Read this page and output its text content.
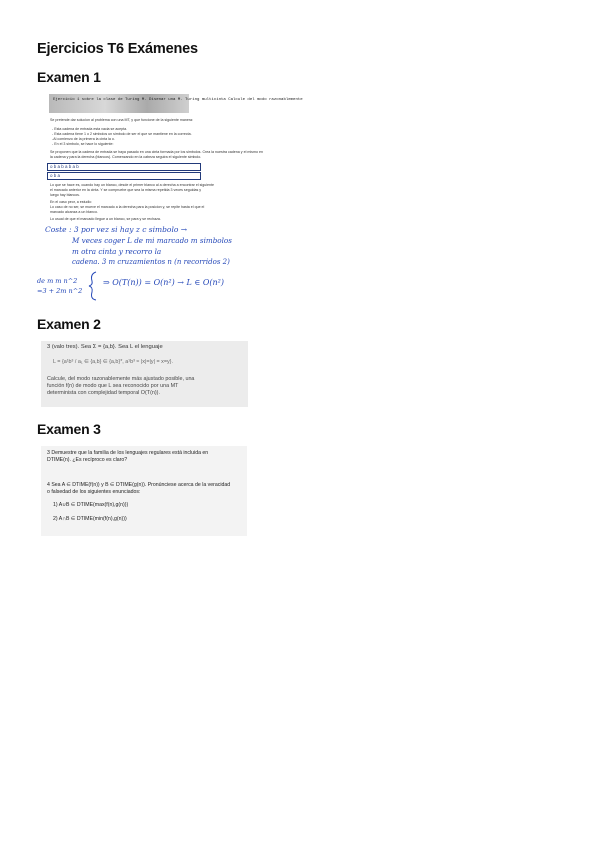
Ejercicios T6 Exámenes
Examen 1
Ejercicio 1 sobre la clase de Turing M. Disenar una M. Turing multicinta Calcule del modo razonablemente
Se pretende dar solucion al problema con una MT, y que funcione de la siguiente manera:
- Esta cadena de entrada esta vacia se acepta.
- Esta cadena tiene 1 o 2 simbolos un simbolo de ser el que se mantiene en la correcta.
-Al comienzo de la primera la cinta la o.
- En el 3 simbolo, se hace lo siguiente:
Se proponen que la cadena de entrada se haya pasado en una cinta formada por los simbolos. Crea la nuestra cadena y el mismo en
la cadena y para la derecha (blancos). Comenzando en la cabeza seguira el sigulente simbolo.
o b a b a b a b
o b a
Lo que se hace es, cuando hay un blanco, desde el primer blanco al a derecha a encontrar el siguiente
el marcado anterior en la cinta. Y se compruebe que sea la misma repetida 3 veces seguidas y
luego hay blancos.
En el caso peor, a estudio
Lo caso de no ser, se mueve el marcado a la derecha para la posicion y, se repite hasta el que el
marcado alcanza a un blanco.
Lo usual de que el marcado llegue a un blanco, se para y se rechaza.
Coste : 3 por vez si hay z c simbolo →
M veces coger L de mi marcado m simbolos
m otra cinta y recorro la
cadena. 3 m cruzamientos n (n recorridos 2)
de m m n^2
=3 + 2m n^2
⇒ O(T(n)) = O(n²) → L ∈ O(n²)
Examen 2
3 (valo tres). Sea Σ = {a,b}. Sea L el lenguaje
L = {a¹b³ / a₁ ∈ {a,b} ∈ {a,b}*, a¹b³ ≈ |x|=|y| = x=y}.
Calcule, del modo razonablemente más ajustado posible, una
función f(n) de modo que L sea reconocido por una MT
determinista con complejidad temporal O(T(n)).
Examen 3
3 Demuestre que la familia de los lenguajes regulares está incluida en
DTIME(n). ¿Es recíproco es claro?
4 Sea A ∈ DTIME(f(n)) y B ∈ DTIME(g(n)). Pronúnciese acerca de la veracidad
o falsedad de los siguientes enunciados:
1) A∪B ∈ DTIME(max(f(n),g(n)))
2) A∩B ∈ DTIME(min(f(n),g(n)))
